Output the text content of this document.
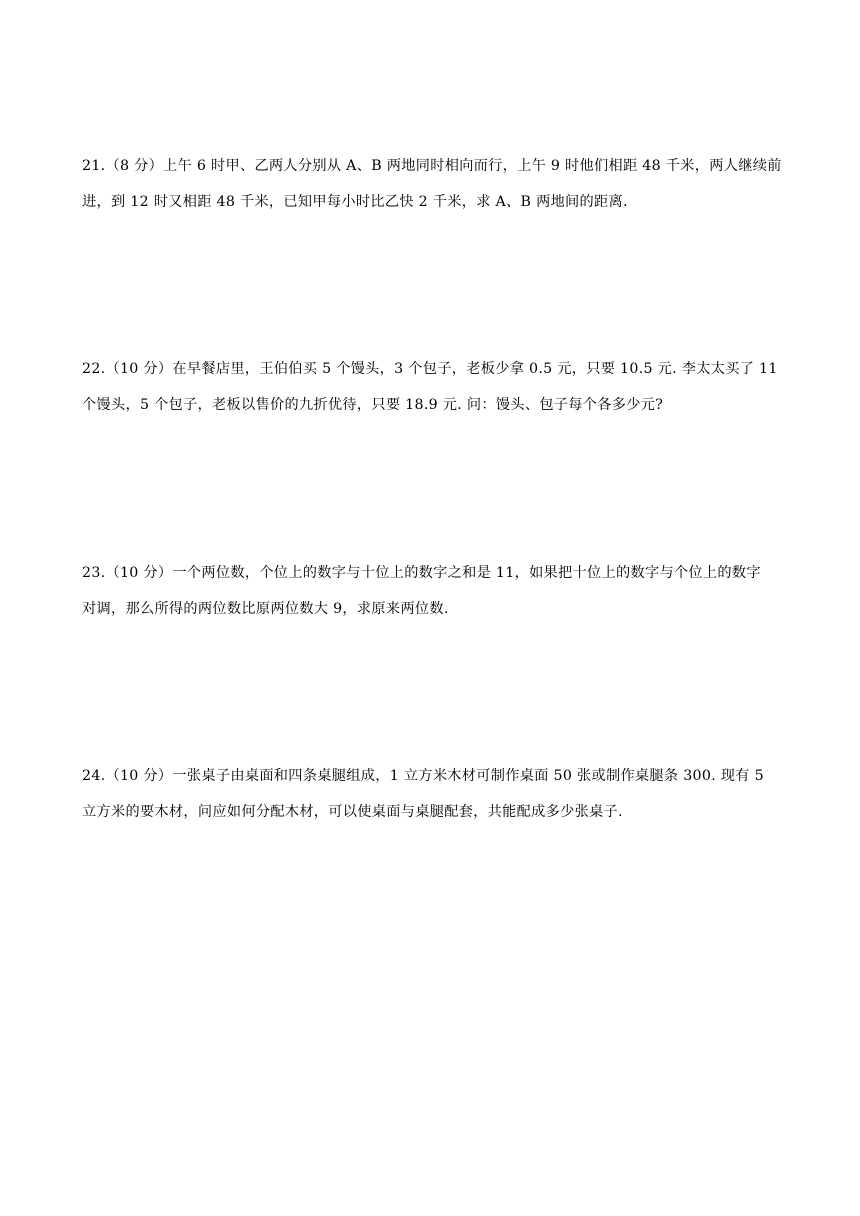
21.（8 分）上午 6 时甲、乙两人分别从 A、B 两地同时相向而行，上午 9 时他们相距 48 千米，两人继续前
进，到 12 时又相距 48 千米，已知甲每小时比乙快 2 千米，求 A、B 两地间的距离.
22.（10 分）在早餐店里，王伯伯买 5 个馒头，3 个包子，老板少拿 0.5 元，只要 10.5 元. 李太太买了 11
个馒头，5 个包子，老板以售价的九折优待，只要 18.9 元. 问：馒头、包子每个各多少元?
23.（10 分）一个两位数，个位上的数字与十位上的数字之和是 11，如果把十位上的数字与个位上的数字
对调，那么所得的两位数比原两位数大 9，求原来两位数.
24.（10 分）一张桌子由桌面和四条桌腿组成，1 立方米木材可制作桌面 50 张或制作桌腿条 300. 现有 5
立方米的要木材，问应如何分配木材，可以使桌面与桌腿配套，共能配成多少张桌子.
